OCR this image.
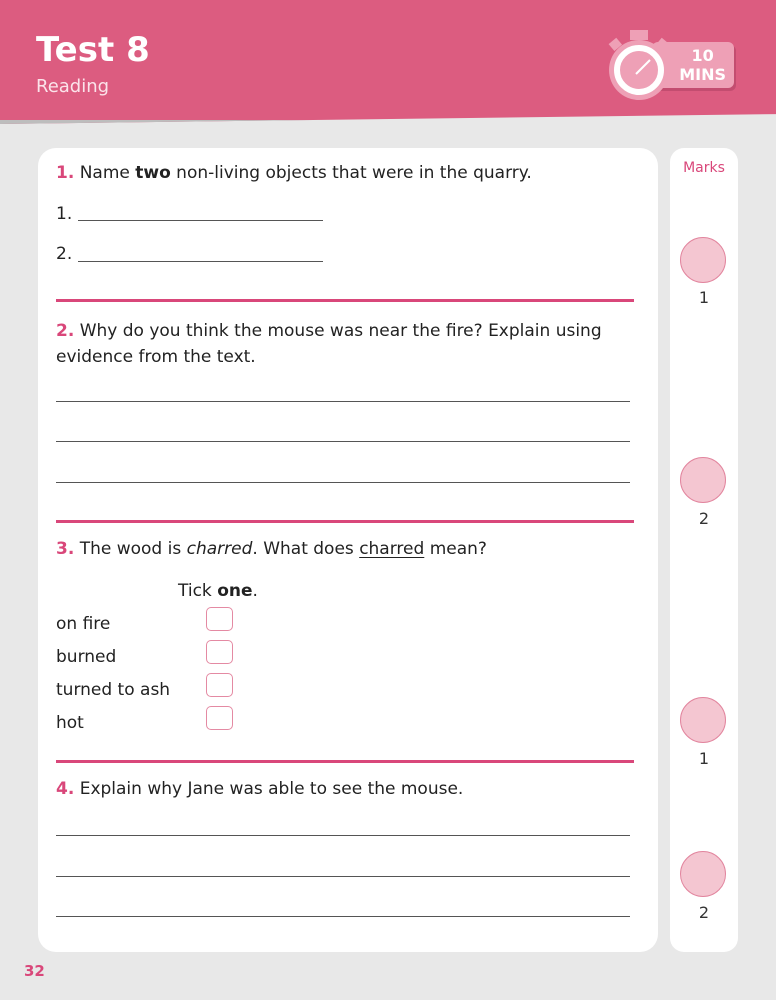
Test 8
Reading
10
MINS
1. Name two non-living objects that were in the quarry.
1.
2.
2. Why do you think the mouse was near the fire? Explain using
evidence from the text.
3. The wood is charred. What does charred mean?
Tick one.
on fire
burned
turned to ash
hot
4. Explain why Jane was able to see the mouse.
Marks
1
2
1
2
32
